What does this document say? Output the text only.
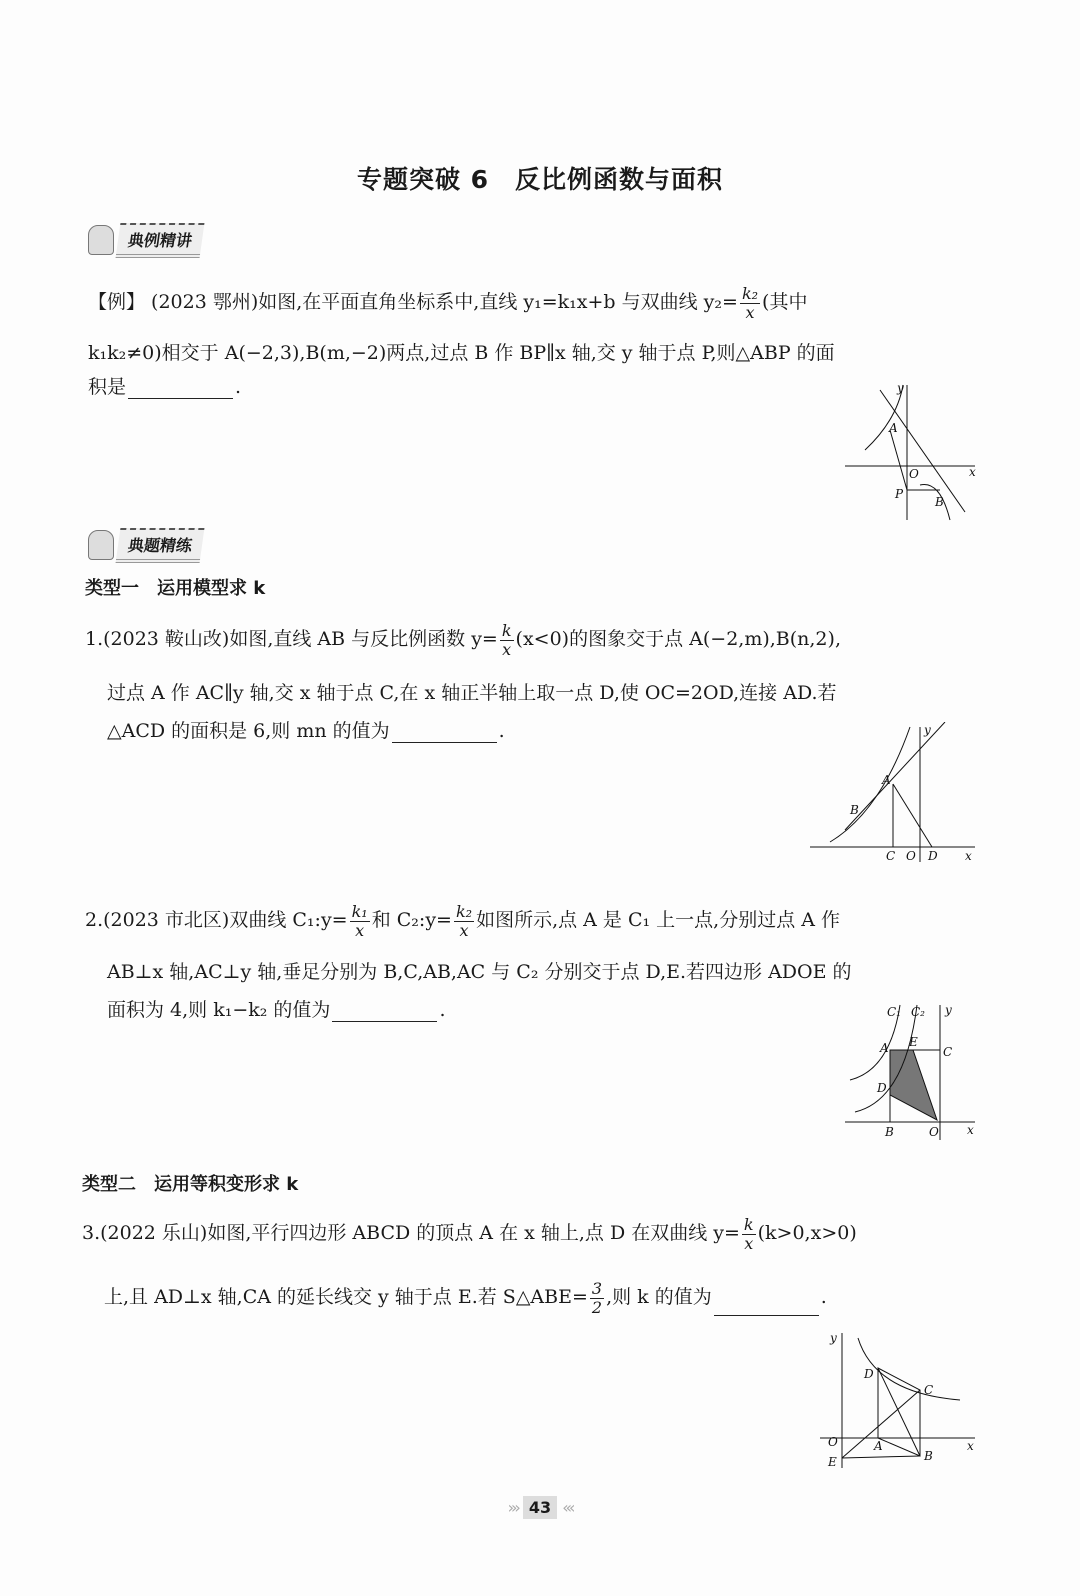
专题突破 6　反比例函数与面积
典例精讲
【例】 (2023 鄂州)如图,在平面直角坐标系中,直线 y₁=k₁x+b 与双曲线 $y_2= \frac{\text{k₂}}{x}$ (其中
k₁k₂≠0)相交于 A(−2,3),B(m,−2)两点,过点 B 作 BP∥x 轴,交 y 轴于点 P,则△ABP 的面
积是	.	y
x
A
O
P
B
典题精练
类型一　运用模型求 k
1.(2023 鞍山改)如图,直线 AB 与反比例函数 $y= \frac{k}{x} (x<0)$的图象交于点 A(−2,m),B(n,2),
过点 A 作 AC∥y 轴,交 x 轴于点 C,在 x 轴正半轴上取一点 D,使 OC=2OD,连接 AD.若
△ACD 的面积是 6,则 mn 的值为	.	y
x
A
B
C O D
2.(2023 市北区)双曲线 C₁:y= $\frac{\text{k₁}}{x}$ 和 C₂:y= $\frac{\text{k₂}}{x}$ 如图所示,点 A 是 C₁ 上一点,分别过点 A 作
AB⊥x 轴,AC⊥y 轴,垂足分别为 B,C,AB,AC 与 C₂ 分别交于点 D,E.若四边形 ADOE 的
面积为 4,则 k₁−k₂ 的值为	.	C₁ C₂ y
x
A E
C
D
B	O
类型二　运用等积变形求 k
3.(2022 乐山)如图,平行四边形 ABCD 的顶点 A 在 x 轴上,点 D 在双曲线 $y= \frac{k}{x} (k>0,x>0)$
上,且 AD⊥x 轴,CA 的延长线交 y 轴于点 E.若 S△ABE= $\frac{3}{2}$ ,则 k 的值为	.
y
x
D
C
O	A
E	B
››› 43 ‹‹‹
